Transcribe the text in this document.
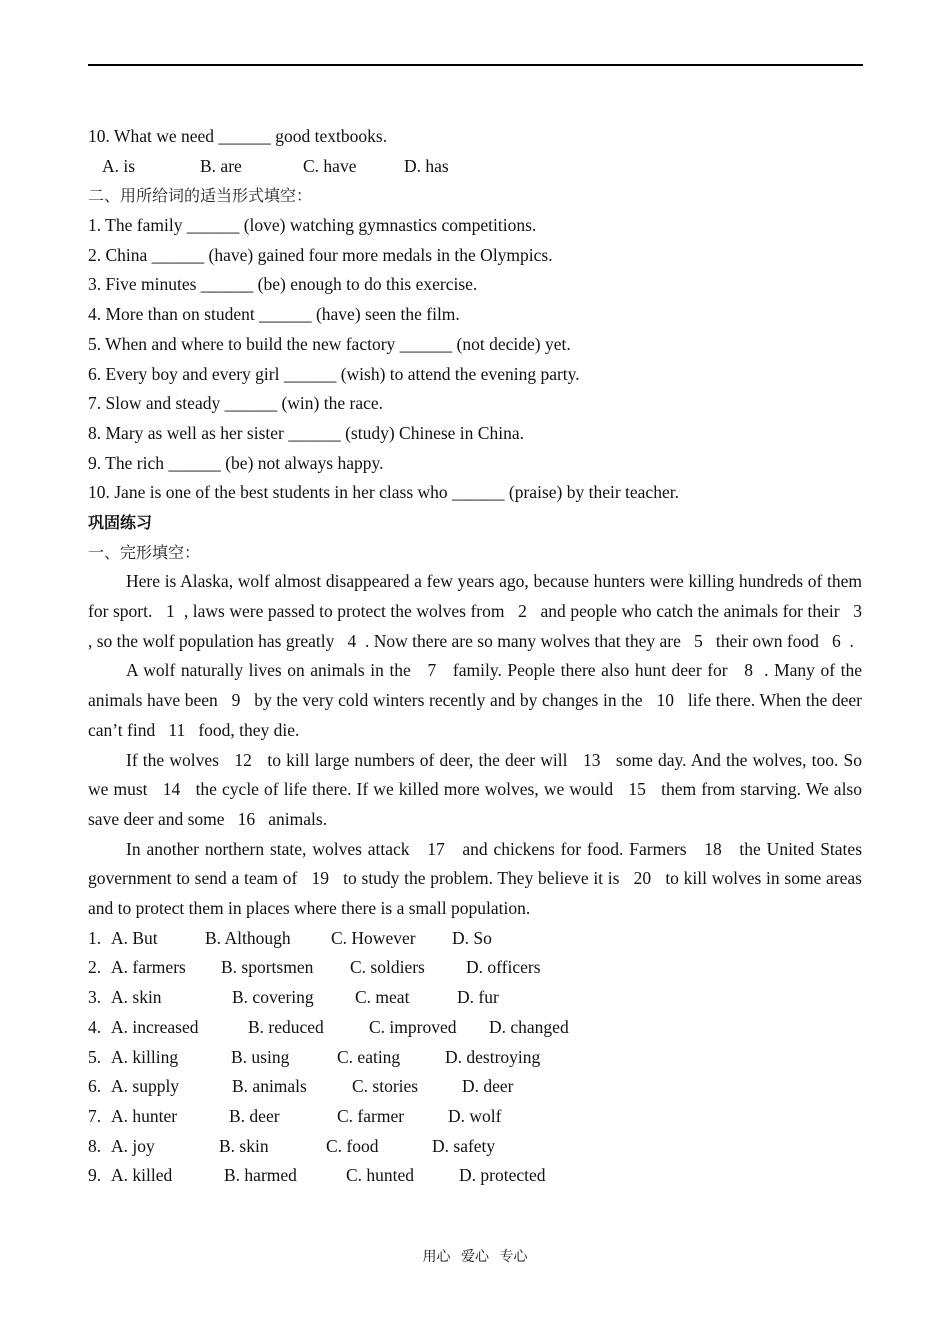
10. What we need ______ good textbooks.
A. is	B. are	C. have	D. has
二、用所给词的适当形式填空：
1. The family ______ (love) watching gymnastics competitions.
2. China ______ (have) gained four more medals in the Olympics.
3. Five minutes ______ (be) enough to do this exercise.
4. More than on student ______ (have) seen the film.
5. When and where to build the new factory ______ (not decide) yet.
6. Every boy and every girl ______ (wish) to attend the evening party.
7. Slow and steady ______ (win) the race.
8. Mary as well as her sister ______ (study) Chinese in China.
9. The rich ______ (be) not always happy.
10. Jane is one of the best students in her class who ______ (praise) by their teacher.
巩固练习
一、完形填空：
Here is Alaska, wolf almost disappeared a few years ago, because hunters were killing hundreds of them for sport.   1  , laws were passed to protect the wolves from   2   and people who catch the animals for their   3  , so the wolf population has greatly   4  . Now there are so many wolves that they are   5   their own food   6  .
A wolf naturally lives on animals in the   7   family. People there also hunt deer for   8  . Many of the animals have been   9   by the very cold winters recently and by changes in the   10   life there. When the deer can’t find   11   food, they die.
If the wolves   12   to kill large numbers of deer, the deer will   13   some day. And the wolves, too. So we must   14   the cycle of life there. If we killed more wolves, we would   15   them from starving. We also save deer and some   16   animals.
In another northern state, wolves attack   17   and chickens for food. Farmers   18   the United States government to send a team of   19   to study the problem. They believe it is   20   to kill wolves in some areas and to protect them in places where there is a small population.
1. A. But	B. Although C. However D. So
2. A. farmers B. sportsmen C. soldiers D. officers
3. A. skin	B. covering C. meat	D. fur
4. A. increased	B. reduced	C. improved D. changed
5. A. killing	B. using	C. eating	D. destroying
6. A. supply	B. animals	C. stories	D. deer
7. A. hunter	B. deer	C. farmer	D. wolf
8. A. joy	B. skin	C. food	D. safety
9. A. killed	B. harmed	C. hunted	D. protected
用心 爱心 专心
